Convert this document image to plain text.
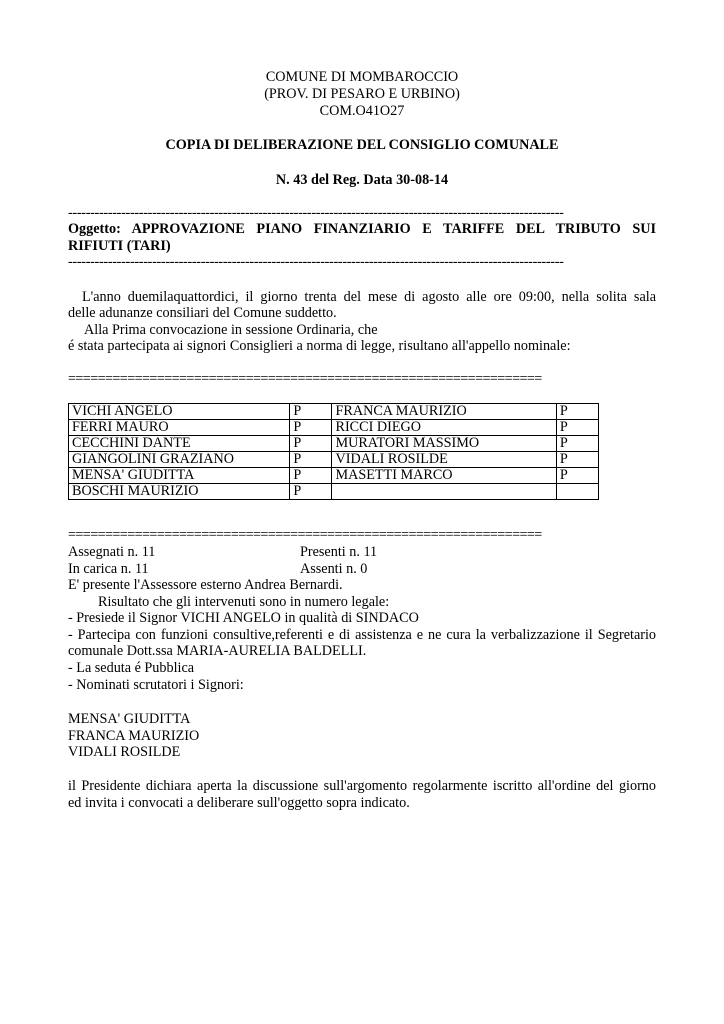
COMUNE DI MOMBAROCCIO
(PROV. DI PESARO E URBINO)
COM.O41O27
COPIA DI DELIBERAZIONE DEL CONSIGLIO COMUNALE
N. 43 del Reg. Data 30-08-14
----------------------------------------------------------------------------------------------------------------
Oggetto: APPROVAZIONE PIANO FINANZIARIO E TARIFFE DEL TRIBUTO SUI
RIFIUTI (TARI)
----------------------------------------------------------------------------------------------------------------
L'anno duemilaquattordici, il giorno trenta del mese di agosto alle ore 09:00, nella solita sala
delle adunanze consiliari del Comune suddetto.
Alla Prima convocazione in sessione Ordinaria, che
é stata partecipata ai signori Consiglieri a norma di legge, risultano all'appello nominale:
================================================================
VICHI ANGELO	P	FRANCA MAURIZIO	P
FERRI MAURO	P	RICCI DIEGO	P
CECCHINI DANTE	P	MURATORI MASSIMO	P
GIANGOLINI GRAZIANO	P	VIDALI ROSILDE	P
MENSA' GIUDITTA	P	MASETTI MARCO	P
BOSCHI MAURIZIO	P		
================================================================
Assegnati n. 11	Presenti n. 11
In carica n. 11	Assenti n. 0
E' presente l'Assessore esterno Andrea Bernardi.
Risultato che gli intervenuti sono in numero legale:
- Presiede il Signor VICHI ANGELO in qualità di SINDACO
- Partecipa con funzioni consultive,referenti e di assistenza e ne cura la verbalizzazione il Segretario
comunale Dott.ssa MARIA-AURELIA BALDELLI.
- La seduta é Pubblica
- Nominati scrutatori i Signori:
MENSA' GIUDITTA
FRANCA MAURIZIO
VIDALI ROSILDE
il Presidente dichiara aperta la discussione sull'argomento regolarmente iscritto all'ordine del giorno
ed invita i convocati a deliberare sull'oggetto sopra indicato.
